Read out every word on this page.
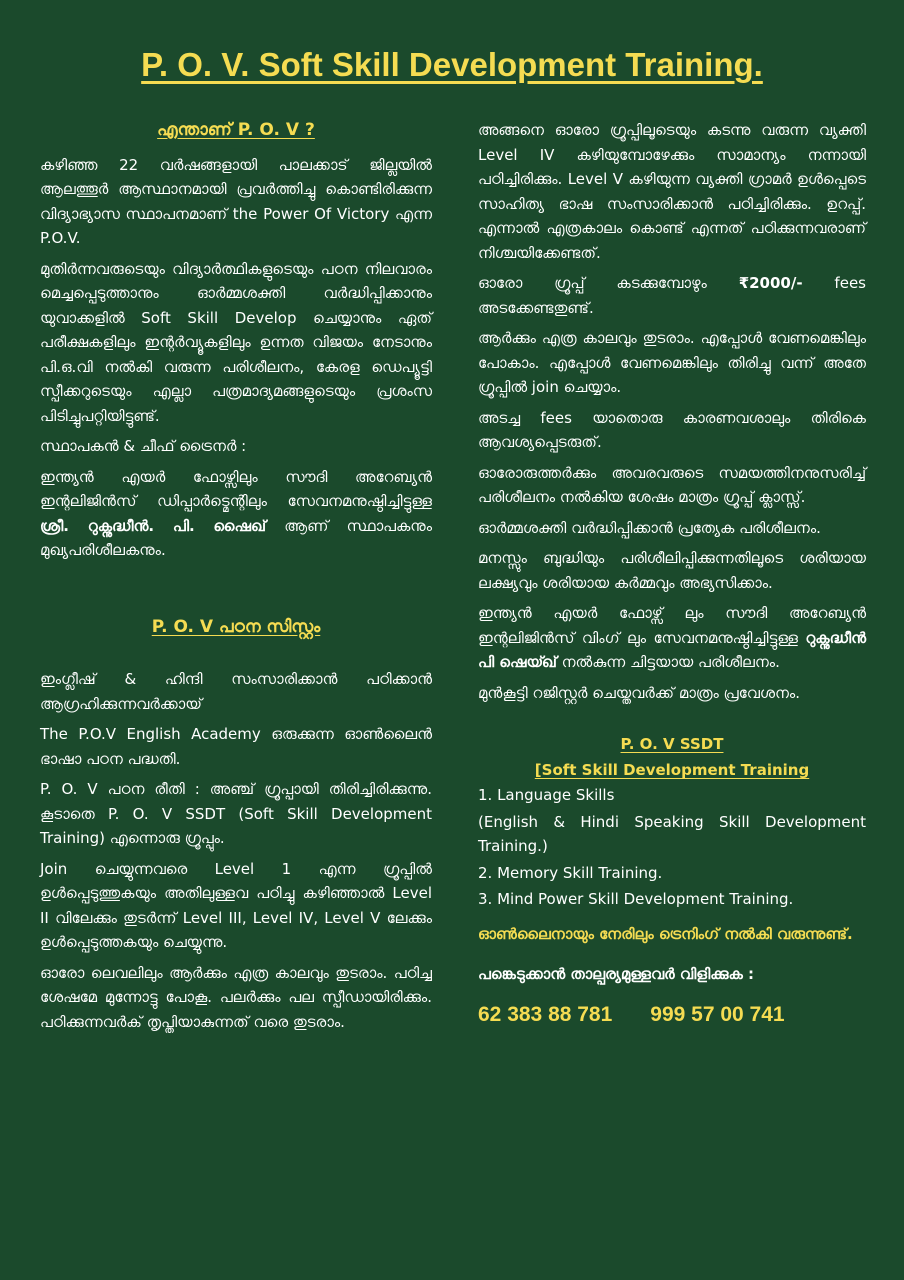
P. O. V. Soft Skill Development Training.
എന്താണ് P. O. V ?

കഴിഞ്ഞ 22 വർഷങ്ങളായി പാലക്കാട് ജില്ലയിൽ ആലത്തൂർ ആസ്ഥാനമായി പ്രവർത്തിച്ചു കൊണ്ടിരിക്കുന്ന വിദ്യാഭ്യാസ സ്ഥാപനമാണ് the Power Of Victory എന്ന P.O.V.

മുതിർന്നവരുടെയും വിദ്യാർത്ഥികളുടെയും പഠന നിലവാരം മെച്ചപ്പെടുത്താനും ഓർമ്മശക്തി വർദ്ധിപ്പിക്കാനും യുവാക്കളിൽ Soft Skill Develop ചെയ്യാനും ഏത് പരീക്ഷകളിലും ഇന്റർവ്യൂകളിലും ഉന്നത വിജയം നേടാനും പി.ഒ.വി നൽകി വരുന്ന പരിശീലനം, കേരള ഡെപ്യൂട്ടി സ്പീക്കറുടെയും എല്ലാ പത്രമാദ്യമങ്ങളുടെയും പ്രശംസ പിടിച്ചുപറ്റിയിട്ടുണ്ട്.

സ്ഥാപകൻ & ചീഫ് ട്രൈനർ :

ഇന്ത്യൻ എയർ ഫോഴ്സിലും സൗദി അറേബ്യൻ ഇന്റലിജിൻസ് ഡിപ്പാർട്മെന്റിലും സേവനമനുഷ്ഠിച്ചിട്ടുള്ള ശ്രീ. റുക്നുദ്ധീൻ. പി. ഷൈഖ് ആണ് സ്ഥാപകനും മുഖ്യപരിശീലകനും.

P. O. V പഠന സിസ്റ്റം

ഇംഗ്ലീഷ് & ഹിന്ദി സംസാരിക്കാൻ പഠിക്കാൻ ആഗ്രഹിക്കുന്നവർക്കായ്

The P.O.V English Academy ഒരുക്കുന്ന ഓൺലൈൻ ഭാഷാ പഠന പദ്ധതി.

P. O. V പഠന രീതി : അഞ്ച് ഗ്രൂപ്പായി തിരിച്ചിരിക്കുന്നു. കൂടാതെ P. O. V SSDT (Soft Skill Development Training) എന്നൊരു ഗ്രൂപ്പും.

Join ചെയ്യുന്നവരെ Level 1 എന്ന ഗ്രൂപ്പിൽ ഉൾപ്പെടുത്തുകയും അതിലുള്ളവ പഠിച്ചു കഴിഞ്ഞാൽ Level II വിലേക്കും തുടർന്ന് Level III, Level IV, Level V ലേക്കും ഉൾപ്പെടുത്തകയും ചെയ്യുന്നു.

ഓരോ ലെവലിലും ആർക്കും എത്ര കാലവും തുടരാം. പഠിച്ച ശേഷമേ മുന്നോട്ടു പോകൂ. പലർക്കും പല സ്പീഡായിരിക്കും. പഠിക്കുന്നവർക് തൃപ്തിയാകുന്നത് വരെ തുടരാം.

അങ്ങനെ ഓരോ ഗ്രൂപ്പിലൂടെയും കടന്നു വരുന്ന വ്യക്തി Level IV കഴിയുമ്പോഴേക്കും സാമാന്യം നന്നായി പഠിച്ചിരിക്കും. Level V കഴിയുന്ന വ്യക്തി ഗ്രാമർ ഉൾപ്പെടെ സാഹിത്യ ഭാഷ സംസാരിക്കാൻ പഠിച്ചിരിക്കും. ഉറപ്പ്. എന്നാൽ എത്രകാലം കൊണ്ട് എന്നത് പഠിക്കുന്നവരാണ് നിശ്ചയിക്കേണ്ടത്.

ഓരോ ഗ്രൂപ്പ് കടക്കുമ്പോഴും ₹2000/- fees അടക്കേണ്ടതുണ്ട്.

ആർക്കും എത്ര കാലവും തുടരാം. എപ്പോൾ വേണമെങ്കിലും പോകാം. എപ്പോൾ വേണമെങ്കിലും തിരിച്ചു വന്ന് അതേ ഗ്രൂപ്പിൽ join ചെയ്യാം.

അടച്ച fees യാതൊരു കാരണവശാലും തിരികെ ആവശ്യപ്പെടരുത്.

ഓരോരുത്തർക്കും അവരവരുടെ സമയത്തിനനുസരിച്ച് പരിശീലനം നൽകിയ ശേഷം മാത്രം ഗ്രൂപ്പ് ക്ലാസ്സ്.

ഓർമ്മശക്തി വർദ്ധിപ്പിക്കാൻ പ്രത്യേക പരിശീലനം.

മനസ്സും ബുദ്ധിയും പരിശീലിപ്പിക്കുന്നതിലൂടെ ശരിയായ ലക്ഷ്യവും ശരിയായ കർമ്മവും അഭ്യസിക്കാം.

ഇന്ത്യൻ എയർ ഫോഴ്സ് ലും സൗദി അറേബ്യൻ ഇന്റലിജിൻസ് വിംഗ് ലും സേവനമനുഷ്ഠിച്ചിട്ടുള്ള റുക്നുദ്ധീൻ പി ഷെയ്ഖ് നൽകുന്ന ചിട്ടയായ പരിശീലനം.

മുൻകൂട്ടി റജിസ്റ്റർ ചെയ്തവർക്ക് മാത്രം പ്രവേശനം.

P. O. V SSDT
[Soft Skill Development Training
1. Language Skills
(English & Hindi Speaking Skill Development Training.)
2. Memory Skill Training.
3. Mind Power Skill Development Training.

ഓൺലൈനായും നേരിലും ട്രെനിംഗ് നൽകി വരുന്നുണ്ട്.

പങ്കെടുക്കാൻ താല്പര്യമുള്ളവർ വിളിക്കുക :
62 383 88 781 999 57 00 741
